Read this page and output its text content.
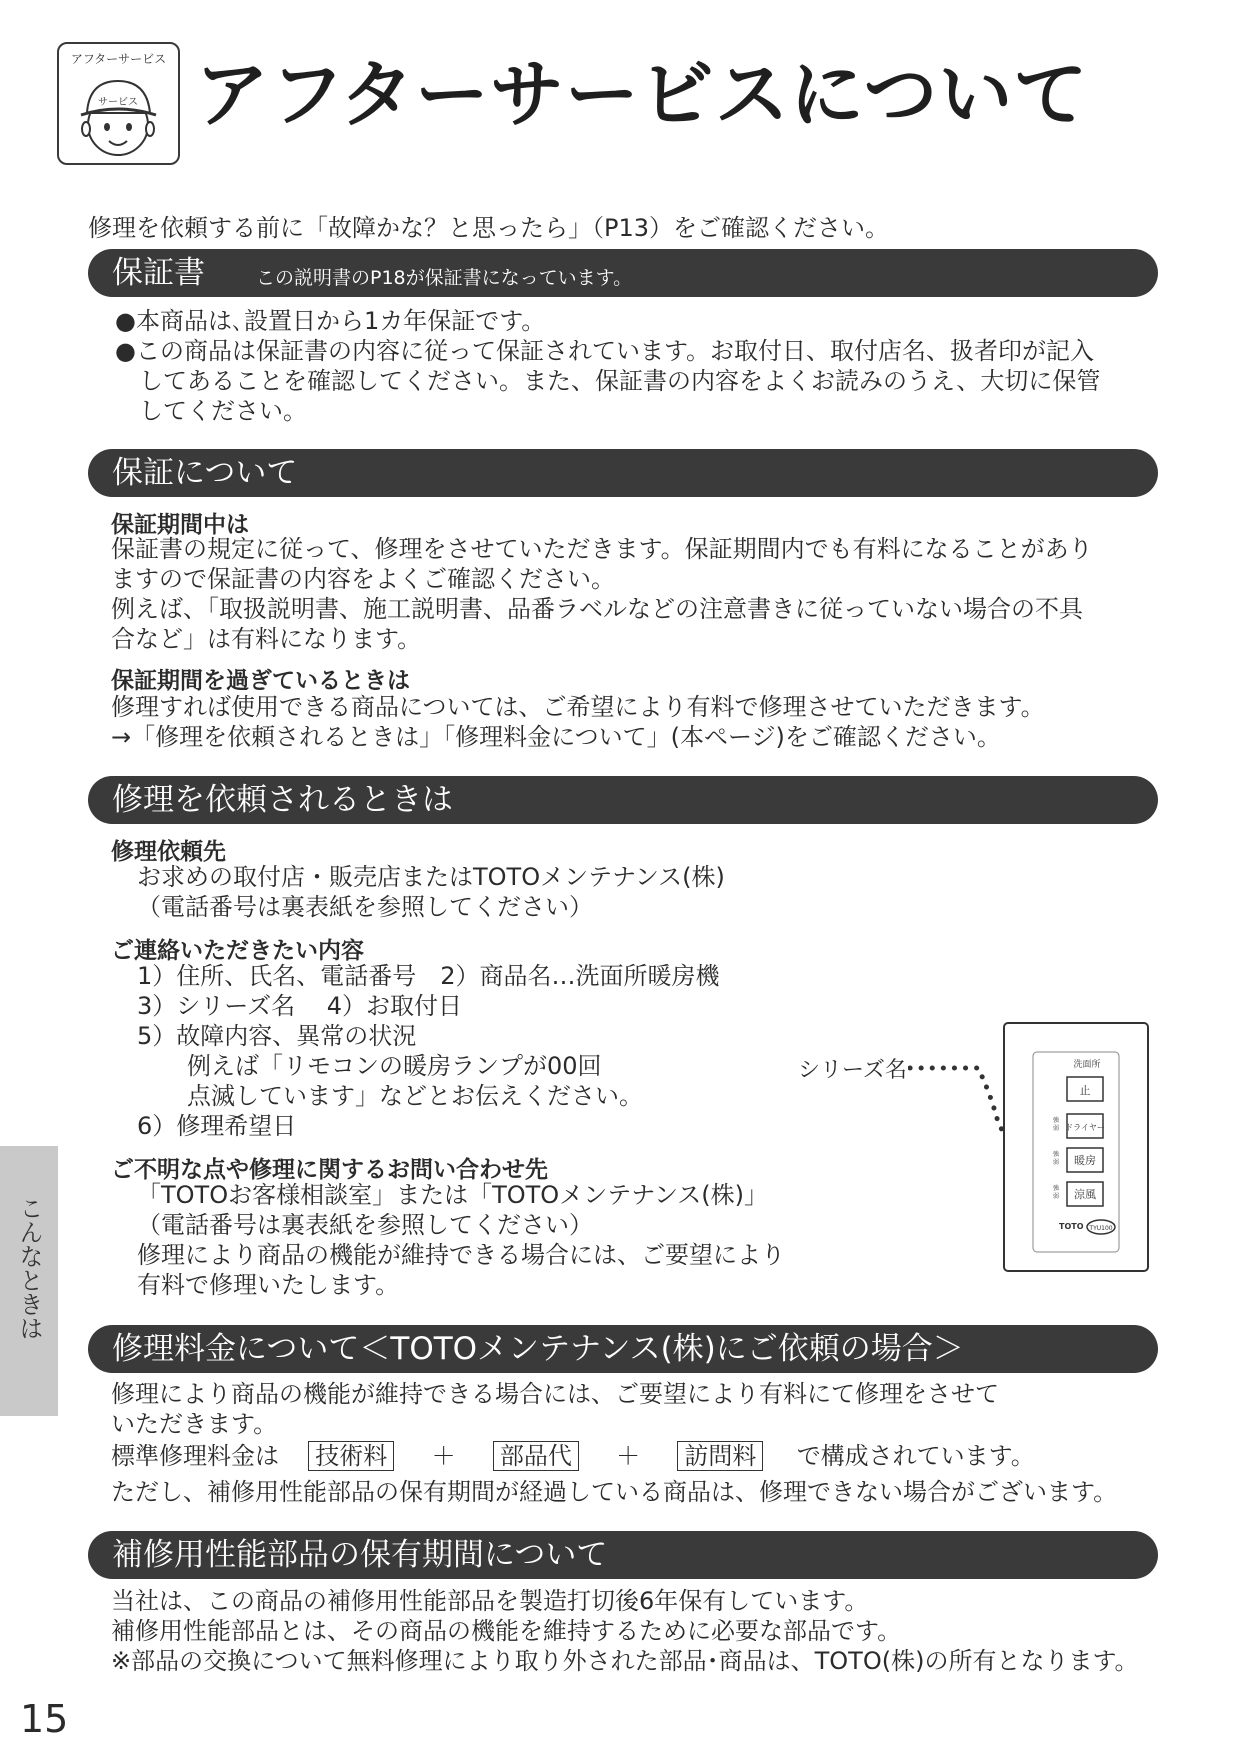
アフターサービス
サービス アフターサービスについて
修理を依頼する前に「故障かな？と思ったら」（P13）をご確認ください。
保証書	この説明書のP18が保証書になっています。
●本商品は､設置日から1カ年保証です。
●この商品は保証書の内容に従って保証されています。お取付日、取付店名、扱者印が記入
してあることを確認してください。また、保証書の内容をよくお読みのうえ、大切に保管
してください。
保証について
保証期間中は
保証書の規定に従って、修理をさせていただきます。保証期間内でも有料になることがあり
ますので保証書の内容をよくご確認ください。
例えば、「取扱説明書、施工説明書、品番ラベルなどの注意書きに従っていない場合の不具
合など」は有料になります。
保証期間を過ぎているときは
修理すれば使用できる商品については、ご希望により有料で修理させていただきます。
→「修理を依頼されるときは」「修理料金について」(本ページ)をご確認ください。
修理を依頼されるときは
修理依頼先
お求めの取付店・販売店またはTOTOメンテナンス(株)
（電話番号は裏表紙を参照してください）
ご連絡いただきたい内容
1）住所、氏名、電話番号　2）商品名…洗面所暖房機
3）シリーズ名　 4）お取付日
5）故障内容、異常の状況
例えば「リモコンの暖房ランプが00回
点滅しています」などとお伝えください。
6）修理希望日
ご不明な点や修理に関するお問い合わせ先
「TOTOお客様相談室」または「TOTOメンテナンス(株)」
（電話番号は裏表紙を参照してください）
修理により商品の機能が維持できる場合には、ご要望により
有料で修理いたします。
シリーズ名	洗面所
止
ドライヤー
暖房
涼風
強
弱
強
弱
強
弱
TOTO TYU100
修理料金について＜TOTOメンテナンス(株)にご依頼の場合＞
修理により商品の機能が維持できる場合には、ご要望により有料にて修理をさせて
いただきます。
標準修理料金は 技術料 ＋ 部品代 ＋ 訪問料 で構成されています。
ただし、補修用性能部品の保有期間が経過している商品は、修理できない場合がございます。
補修用性能部品の保有期間について
当社は、この商品の補修用性能部品を製造打切後6年保有しています。
補修用性能部品とは、その商品の機能を維持するために必要な部品です。
※部品の交換について無料修理により取り外された部品･商品は、TOTO(株)の所有となります。
こんなときは
15
